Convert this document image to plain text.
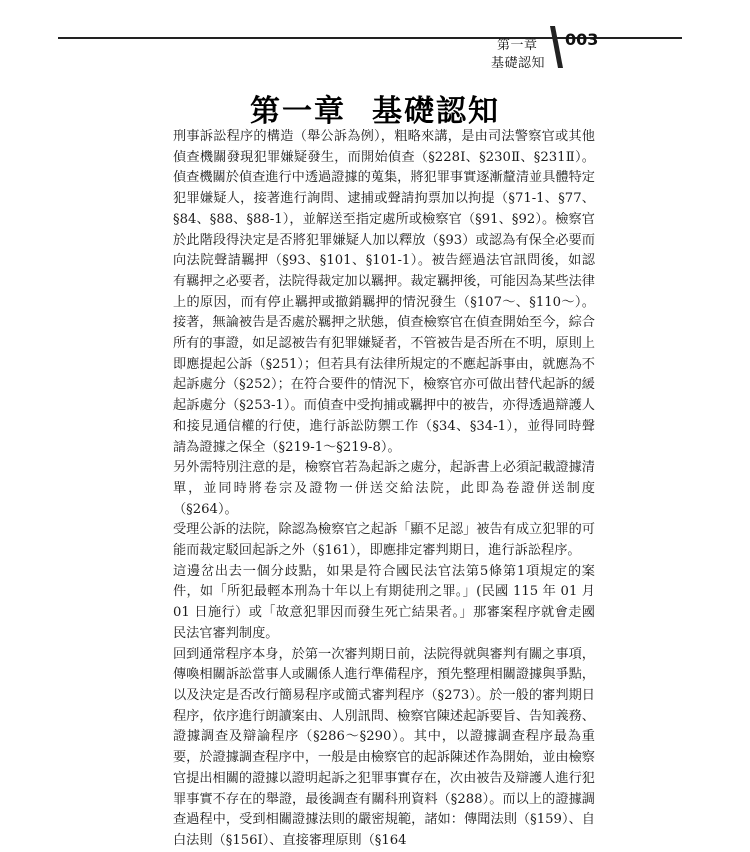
第一章
基礎認知
003
第一章 基礎認知

刑事訴訟程序的構造（舉公訴為例），粗略來講，是由司法警察官或其他偵查機關發現犯罪嫌疑發生，而開始偵查（§228Ⅰ、§230Ⅱ、§231Ⅱ）。偵查機關於偵查進行中透過證據的蒐集，將犯罪事實逐漸釐清並具體特定犯罪嫌疑人，接著進行詢問、逮捕或聲請拘票加以拘提（§71-1、§77、§84、§88、§88-1），並解送至指定處所或檢察官（§91、§92）。檢察官於此階段得決定是否將犯罪嫌疑人加以釋放（§93）或認為有保全必要而向法院聲請羈押（§93、§101、§101-1）。被告經過法官訊問後，如認有羈押之必要者，法院得裁定加以羈押。裁定羈押後，可能因為某些法律上的原因，而有停止羈押或撤銷羈押的情況發生（§107～、§110～）。接著，無論被告是否處於羈押之狀態，偵查檢察官在偵查開始至今，綜合所有的事證，如足認被告有犯罪嫌疑者，不管被告是否所在不明，原則上即應提起公訴（§251）；但若具有法律所規定的不應起訴事由，就應為不起訴處分（§252）；在符合要件的情況下，檢察官亦可做出替代起訴的緩起訴處分（§253-1）。而偵查中受拘捕或羈押中的被告，亦得透過辯護人和接見通信權的行使，進行訴訟防禦工作（§34、§34-1），並得同時聲請為證據之保全（§219-1～§219-8）。

另外需特別注意的是，檢察官若為起訴之處分，起訴書上必須記載證據清單，並同時將卷宗及證物一併送交給法院，此即為卷證併送制度（§264）。

受理公訴的法院，除認為檢察官之起訴「顯不足認」被告有成立犯罪的可能而裁定駁回起訴之外（§161），即應排定審判期日，進行訴訟程序。

這邊岔出去一個分歧點，如果是符合國民法官法第5條第1項規定的案件，如「所犯最輕本刑為十年以上有期徒刑之罪。」(民國 115 年 01 月 01 日施行）或「故意犯罪因而發生死亡結果者。」那審案程序就會走國民法官審判制度。

回到通常程序本身，於第一次審判期日前，法院得就與審判有關之事項，傳喚相關訴訟當事人或關係人進行準備程序，預先整理相關證據與爭點，以及決定是否改行簡易程序或簡式審判程序（§273）。於一般的審判期日程序，依序進行朗讀案由、人別訊問、檢察官陳述起訴要旨、告知義務、證據調查及辯論程序（§286～§290）。其中，以證據調查程序最為重要，於證據調查程序中，一般是由檢察官的起訴陳述作為開始，並由檢察官提出相關的證據以證明起訴之犯罪事實存在，次由被告及辯護人進行犯罪事實不存在的舉證，最後調查有關科刑資料（§288）。而以上的證據調查過程中，受到相關證據法則的嚴密規範，諸如：傳聞法則（§159）、自白法則（§156Ⅰ）、直接審理原則（§164
